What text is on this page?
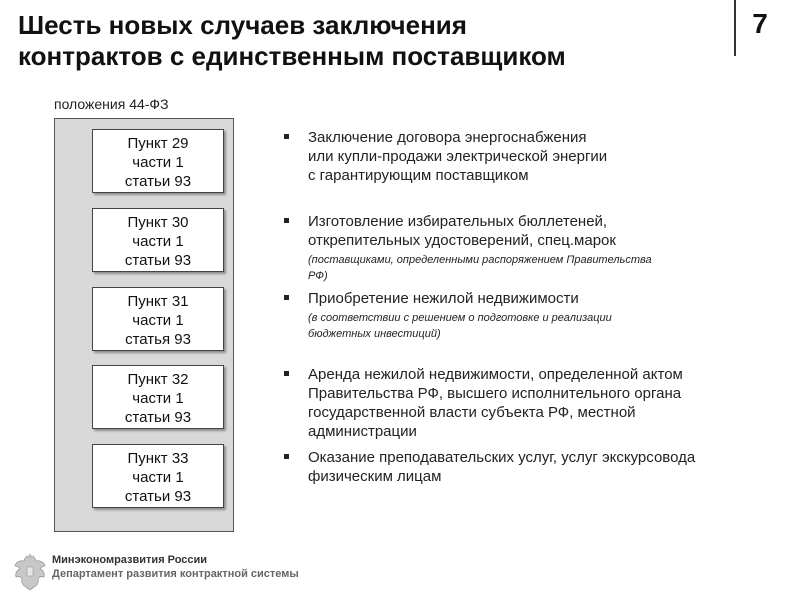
Шесть новых случаев заключения
контрактов с единственным поставщиком
7
положения 44-ФЗ
Пункт 29
части 1
статьи 93
Пункт 30
части 1
статьи 93
Пункт 31
части 1
статья 93
Пункт 32
части 1
статьи 93
Пункт 33
части 1
статьи 93
Заключение договора энергоснабжения
или купли-продажи электрической энергии
с гарантирующим поставщиком
Изготовление избирательных бюллетеней,
открепительных удостоверений, спец.марок
(поставщиками, определенными распоряжением Правительства
РФ)
Приобретение нежилой недвижимости
(в соответствии с решением о подготовке и реализации
бюджетных инвестиций)
Аренда нежилой недвижимости, определенной актом
Правительства РФ, высшего исполнительного органа
государственной власти субъекта РФ, местной
администрации
Оказание преподавательских услуг, услуг экскурсовода
физическим лицам
Минэкономразвития России
Департамент развития контрактной системы
